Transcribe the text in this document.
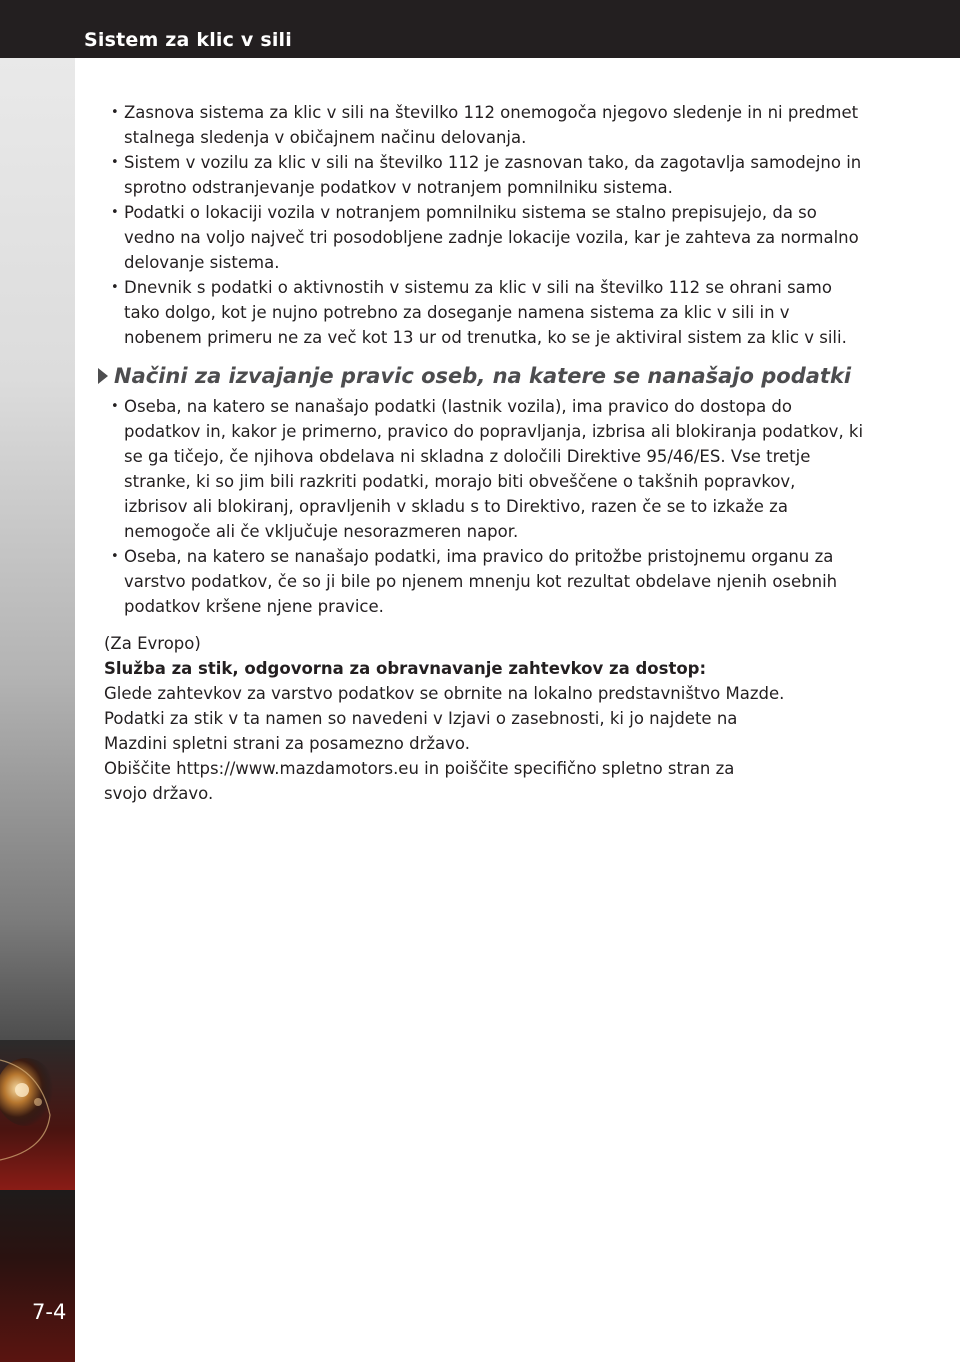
Sistem za klic v sili
7-4
• Zasnova sistema za klic v sili na številko 112 onemogoča njegovo sledenje in ni predmet stalnega sledenja v običajnem načinu delovanja.
• Sistem v vozilu za klic v sili na številko 112 je zasnovan tako, da zagotavlja samodejno in sprotno odstranjevanje podatkov v notranjem pomnilniku sistema.
• Podatki o lokaciji vozila v notranjem pomnilniku sistema se stalno prepisujejo, da so vedno na voljo največ tri posodobljene zadnje lokacije vozila, kar je zahteva za normalno delovanje sistema.
• Dnevnik s podatki o aktivnostih v sistemu za klic v sili na številko 112 se ohrani samo tako dolgo, kot je nujno potrebno za doseganje namena sistema za klic v sili in v nobenem primeru ne za več kot 13 ur od trenutka, ko se je aktiviral sistem za klic v sili.
Načini za izvajanje pravic oseb, na katere se nanašajo podatki
• Oseba, na katero se nanašajo podatki (lastnik vozila), ima pravico do dostopa do podatkov in, kakor je primerno, pravico do popravljanja, izbrisa ali blokiranja podatkov, ki se ga tičejo, če njihova obdelava ni skladna z določili Direktive 95/46/ES. Vse tretje stranke, ki so jim bili razkriti podatki, morajo biti obveščene o takšnih popravkov, izbrisov ali blokiranj, opravljenih v skladu s to Direktivo, razen če se to izkaže za nemogoče ali če vključuje nesorazmeren napor.
• Oseba, na katero se nanašajo podatki, ima pravico do pritožbe pristojnemu organu za varstvo podatkov, če so ji bile po njenem mnenju kot rezultat obdelave njenih osebnih podatkov kršene njene pravice.

(Za Evropo)

Služba za stik, odgovorna za obravnavanje zahtevkov za dostop:

Glede zahtevkov za varstvo podatkov se obrnite na lokalno predstavništvo Mazde.

Podatki za stik v ta namen so navedeni v Izjavi o zasebnosti, ki jo najdete na

Mazdini spletni strani za posamezno državo.

Obiščite https://www.mazdamotors.eu in poiščite specifično spletno stran za

svojo državo.
